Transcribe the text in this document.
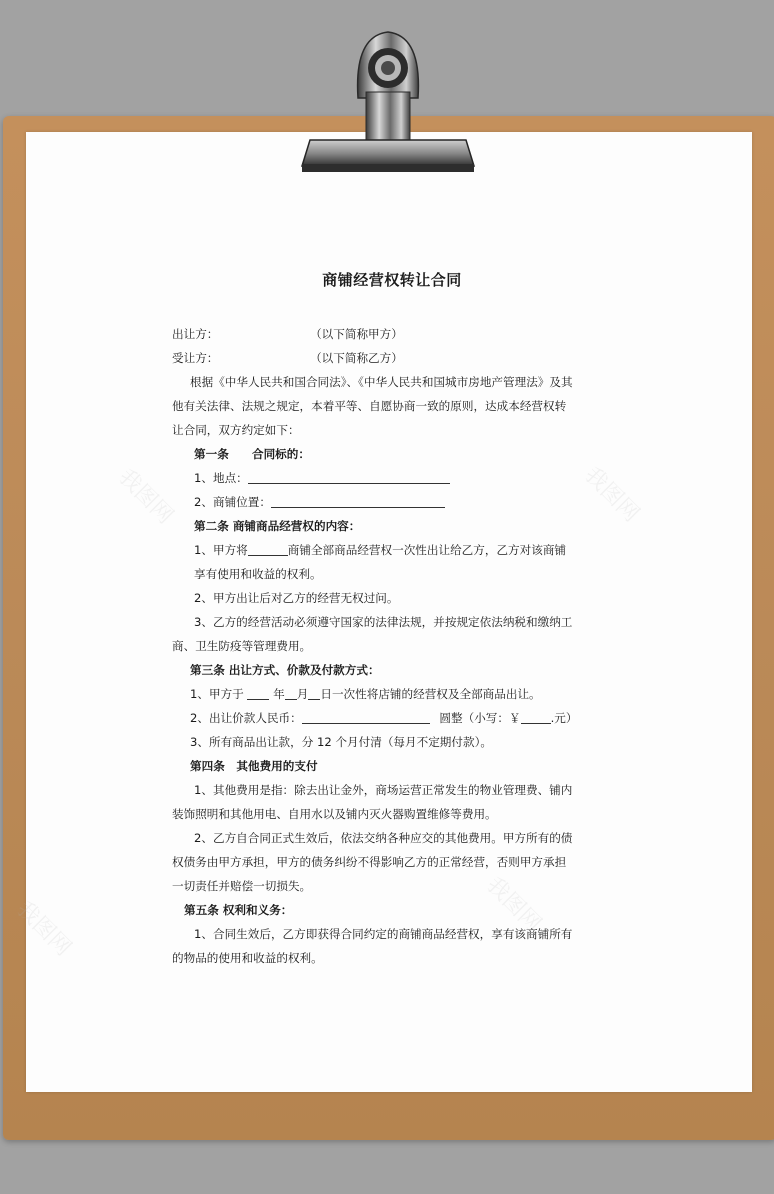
商铺经营权转让合同
出让方：	（以下简称甲方）
受让方：	（以下简称乙方）
根据《中华人民共和国合同法》、《中华人民共和国城市房地产管理法》及其
他有关法律、法规之规定，本着平等、自愿协商一致的原则，达成本经营权转
让合同，双方约定如下：
第一条　　合同标的：
1、地点：
2、商铺位置：
第二条 商铺商品经营权的内容：
1、甲方将	商铺全部商品经营权一次性出让给乙方，乙方对该商铺
享有使用和收益的权利。
2、甲方出让后对乙方的经营无权过问。
3、乙方的经营活动必须遵守国家的法律法规，并按规定依法纳税和缴纳工
商、卫生防疫等管理费用。
第三条 出让方式、价款及付款方式：
1、甲方于	年 月 日一次性将店铺的经营权及全部商品出让。
2、出让价款人民币：	圆整（小写：￥	.元）
3、所有商品出让款，分 12 个月付清（每月不定期付款）。
第四条　其他费用的支付
1、其他费用是指：除去出让金外，商场运营正常发生的物业管理费、铺内
装饰照明和其他用电、自用水以及铺内灭火器购置维修等费用。
2、乙方自合同正式生效后，依法交纳各种应交的其他费用。甲方所有的债
权债务由甲方承担，甲方的债务纠纷不得影响乙方的正常经营，否则甲方承担
一切责任并赔偿一切损失。
第五条 权利和义务：
1、合同生效后，乙方即获得合同约定的商铺商品经营权，享有该商铺所有
的物品的使用和收益的权利。
